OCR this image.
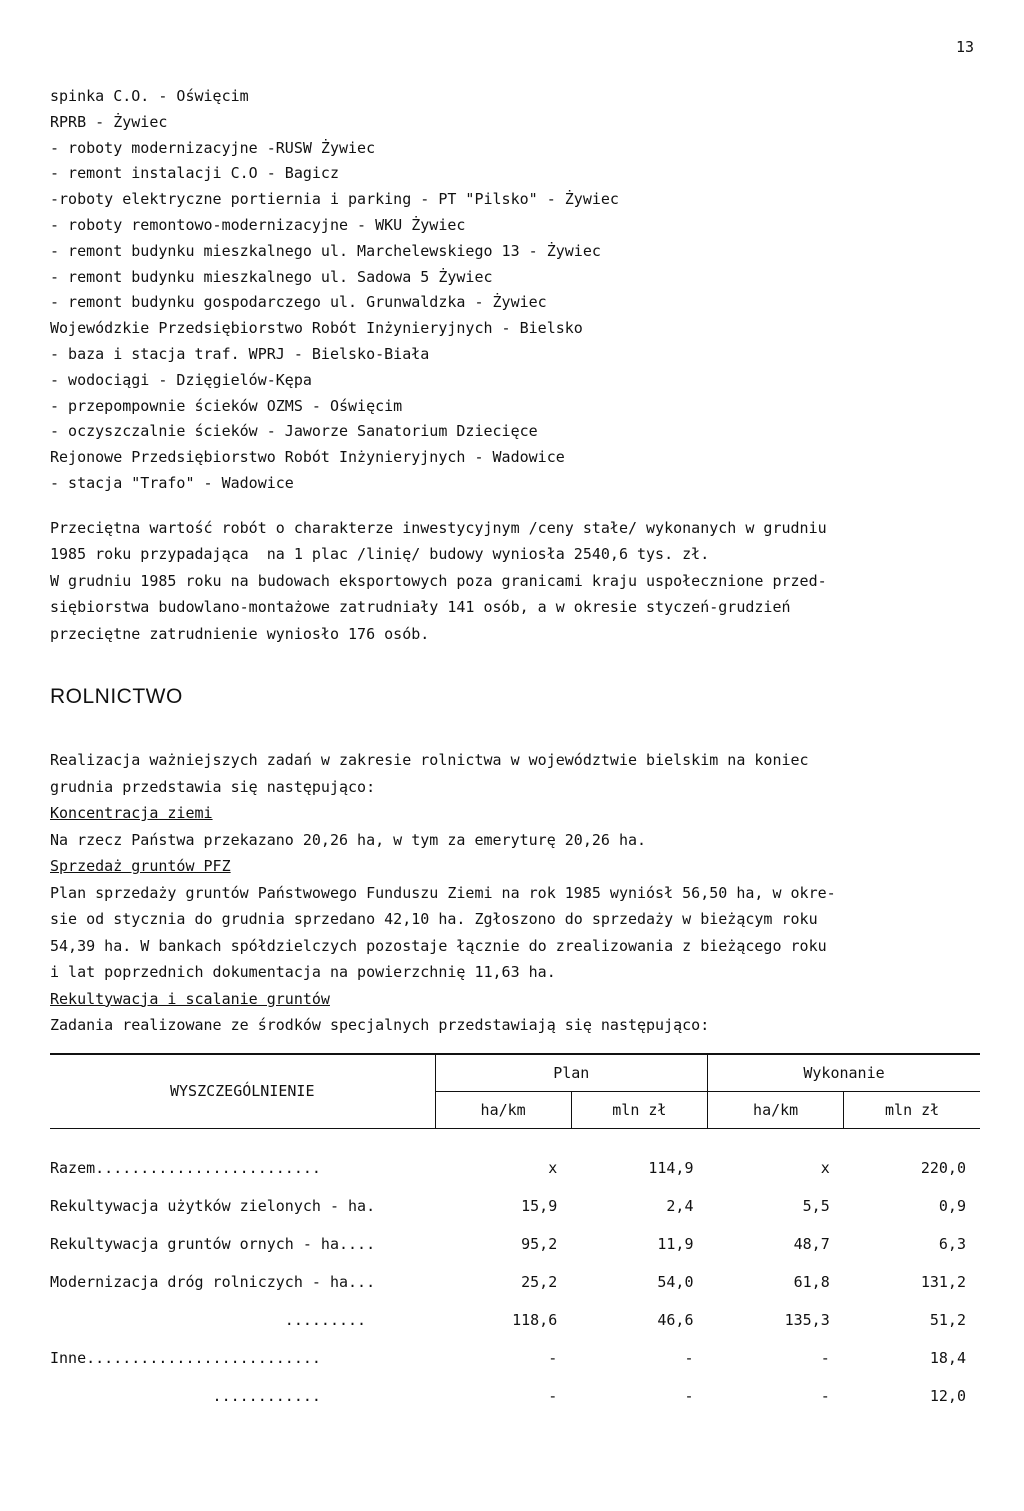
13
spinka C.O. - Oświęcim
RPRB - Żywiec
- roboty modernizacyjne -RUSW Żywiec
- remont instalacji C.O - Bagicz
-roboty elektryczne portiernia i parking - PT "Pilsko" - Żywiec
- roboty remontowo-modernizacyjne - WKU Żywiec
- remont budynku mieszkalnego ul. Marchelewskiego 13 - Żywiec
- remont budynku mieszkalnego ul. Sadowa 5 Żywiec
- remont budynku gospodarczego ul. Grunwaldzka - Żywiec
Wojewódzkie Przedsiębiorstwo Robót Inżynieryjnych - Bielsko
- baza i stacja traf. WPRJ - Bielsko-Biała
- wodociągi - Dzięgielów-Kępa
- przepompownie ścieków OZMS - Oświęcim
- oczyszczalnie ścieków - Jaworze Sanatorium Dziecięce
Rejonowe Przedsiębiorstwo Robót Inżynieryjnych - Wadowice
- stacja "Trafo" - Wadowice
Przeciętna wartość robót o charakterze inwestycyjnym /ceny stałe/ wykonanych w grudniu
1985 roku przypadająca  na 1 plac /linię/ budowy wyniosła 2540,6 tys. zł.
W grudniu 1985 roku na budowach eksportowych poza granicami kraju uspołecznione przed-
siębiorstwa budowlano-montażowe zatrudniały 141 osób, a w okresie styczeń-grudzień
przeciętne zatrudnienie wyniosło 176 osób.
ROLNICTWO
Realizacja ważniejszych zadań w zakresie rolnictwa w województwie bielskim na koniec
grudnia przedstawia się następująco:
Koncentracja ziemi
Na rzecz Państwa przekazano 20,26 ha, w tym za emeryturę 20,26 ha.
Sprzedaż gruntów PFZ
Plan sprzedaży gruntów Państwowego Funduszu Ziemi na rok 1985 wyniósł 56,50 ha, w okre-
sie od stycznia do grudnia sprzedano 42,10 ha. Zgłoszono do sprzedaży w bieżącym roku
54,39 ha. W bankach spółdzielczych pozostaje łącznie do zrealizowania z bieżącego roku
i lat poprzednich dokumentacja na powierzchnię 11,63 ha.
Rekultywacja i scalanie gruntów
Zadania realizowane ze środków specjalnych przedstawiają się następująco:
WYSZCZEGÓLNIENIE	Plan		Wykonanie	
	ha/km	mln zł	ha/km	mln zł

Razem.........................	x	114,9	x	220,0
Rekultywacja użytków zielonych - ha.	15,9	2,4	5,5	0,9
Rekultywacja gruntów ornych - ha....	95,2	11,9	48,7	6,3
Modernizacja dróg rolniczych - ha...	25,2	54,0	61,8	131,2
.........	118,6	46,6	135,3	51,2
Inne..........................	-	-	-	18,4
............	-	-	-	12,0
